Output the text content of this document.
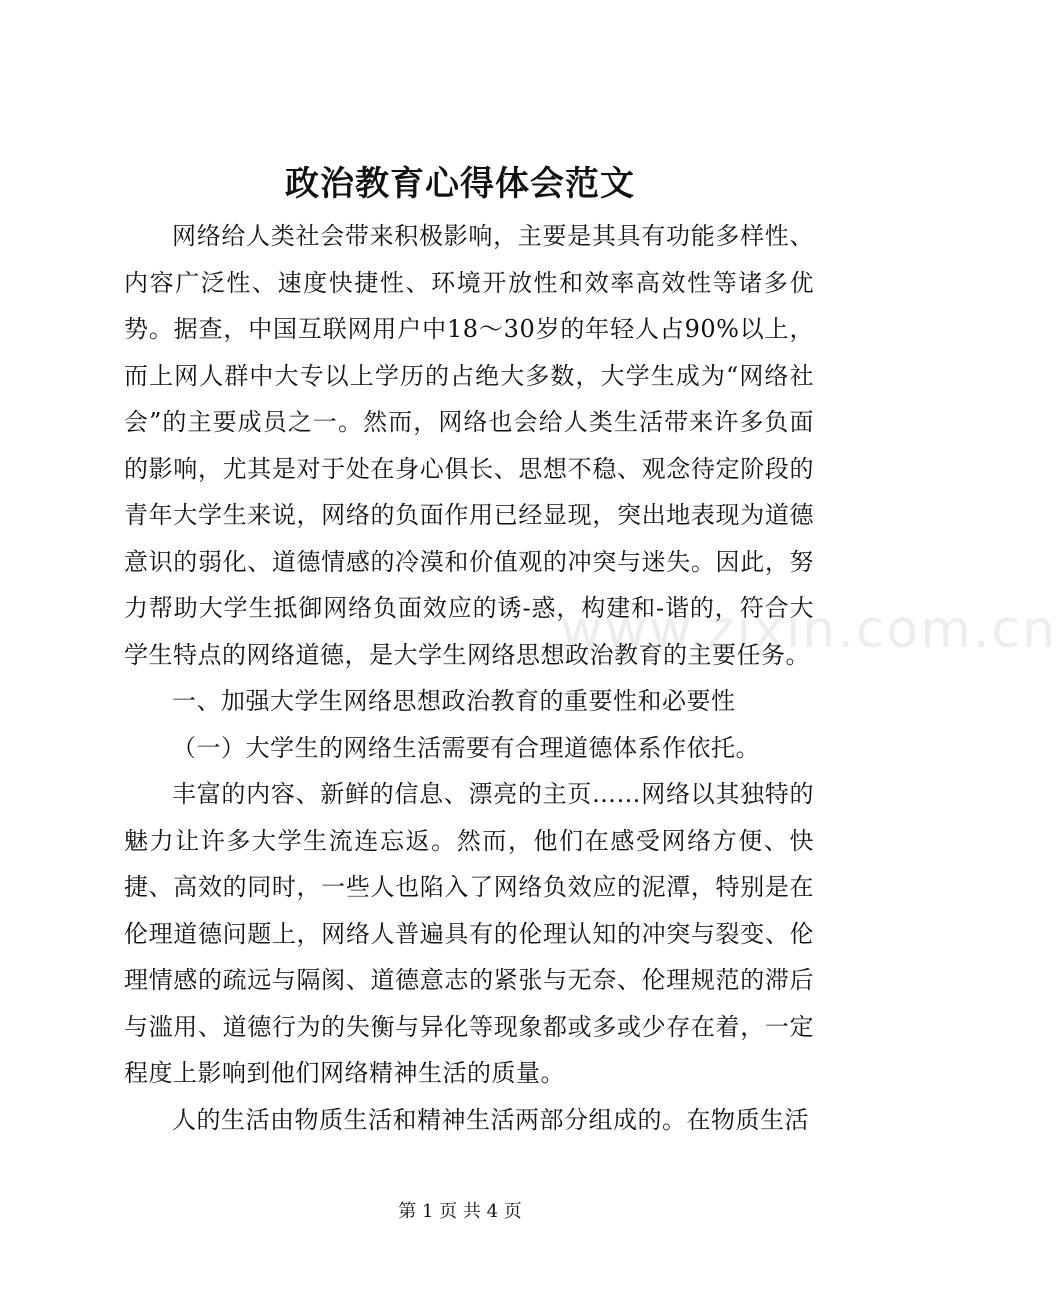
政治教育心得体会范文

网络给人类社会带来积极影响，主要是其具有功能多样性、内容广泛性、速度快捷性、环境开放性和效率高效性等诸多优势。据查，中国互联网用户中18～30岁的年轻人占90%以上，而上网人群中大专以上学历的占绝大多数，大学生成为“网络社会”的主要成员之一。然而，网络也会给人类生活带来许多负面的影响，尤其是对于处在身心俱长、思想不稳、观念待定阶段的青年大学生来说，网络的负面作用已经显现，突出地表现为道德意识的弱化、道德情感的冷漠和价值观的冲突与迷失。因此，努力帮助大学生抵御网络负面效应的诱-惑，构建和-谐的，符合大学生特点的网络道德，是大学生网络思想政治教育的主要任务。

一、加强大学生网络思想政治教育的重要性和必要性

（一）大学生的网络生活需要有合理道德体系作依托。

丰富的内容、新鲜的信息、漂亮的主页……网络以其独特的魅力让许多大学生流连忘返。然而，他们在感受网络方便、快捷、高效的同时，一些人也陷入了网络负效应的泥潭，特别是在伦理道德问题上，网络人普遍具有的伦理认知的冲突与裂变、伦理情感的疏远与隔阂、道德意志的紧张与无奈、伦理规范的滞后与滥用、道德行为的失衡与异化等现象都或多或少存在着，一定程度上影响到他们网络精神生活的质量。

人的生活由物质生活和精神生活两部分组成的。在物质生活

www.zixin.com.cn
第 1 页 共 4 页
